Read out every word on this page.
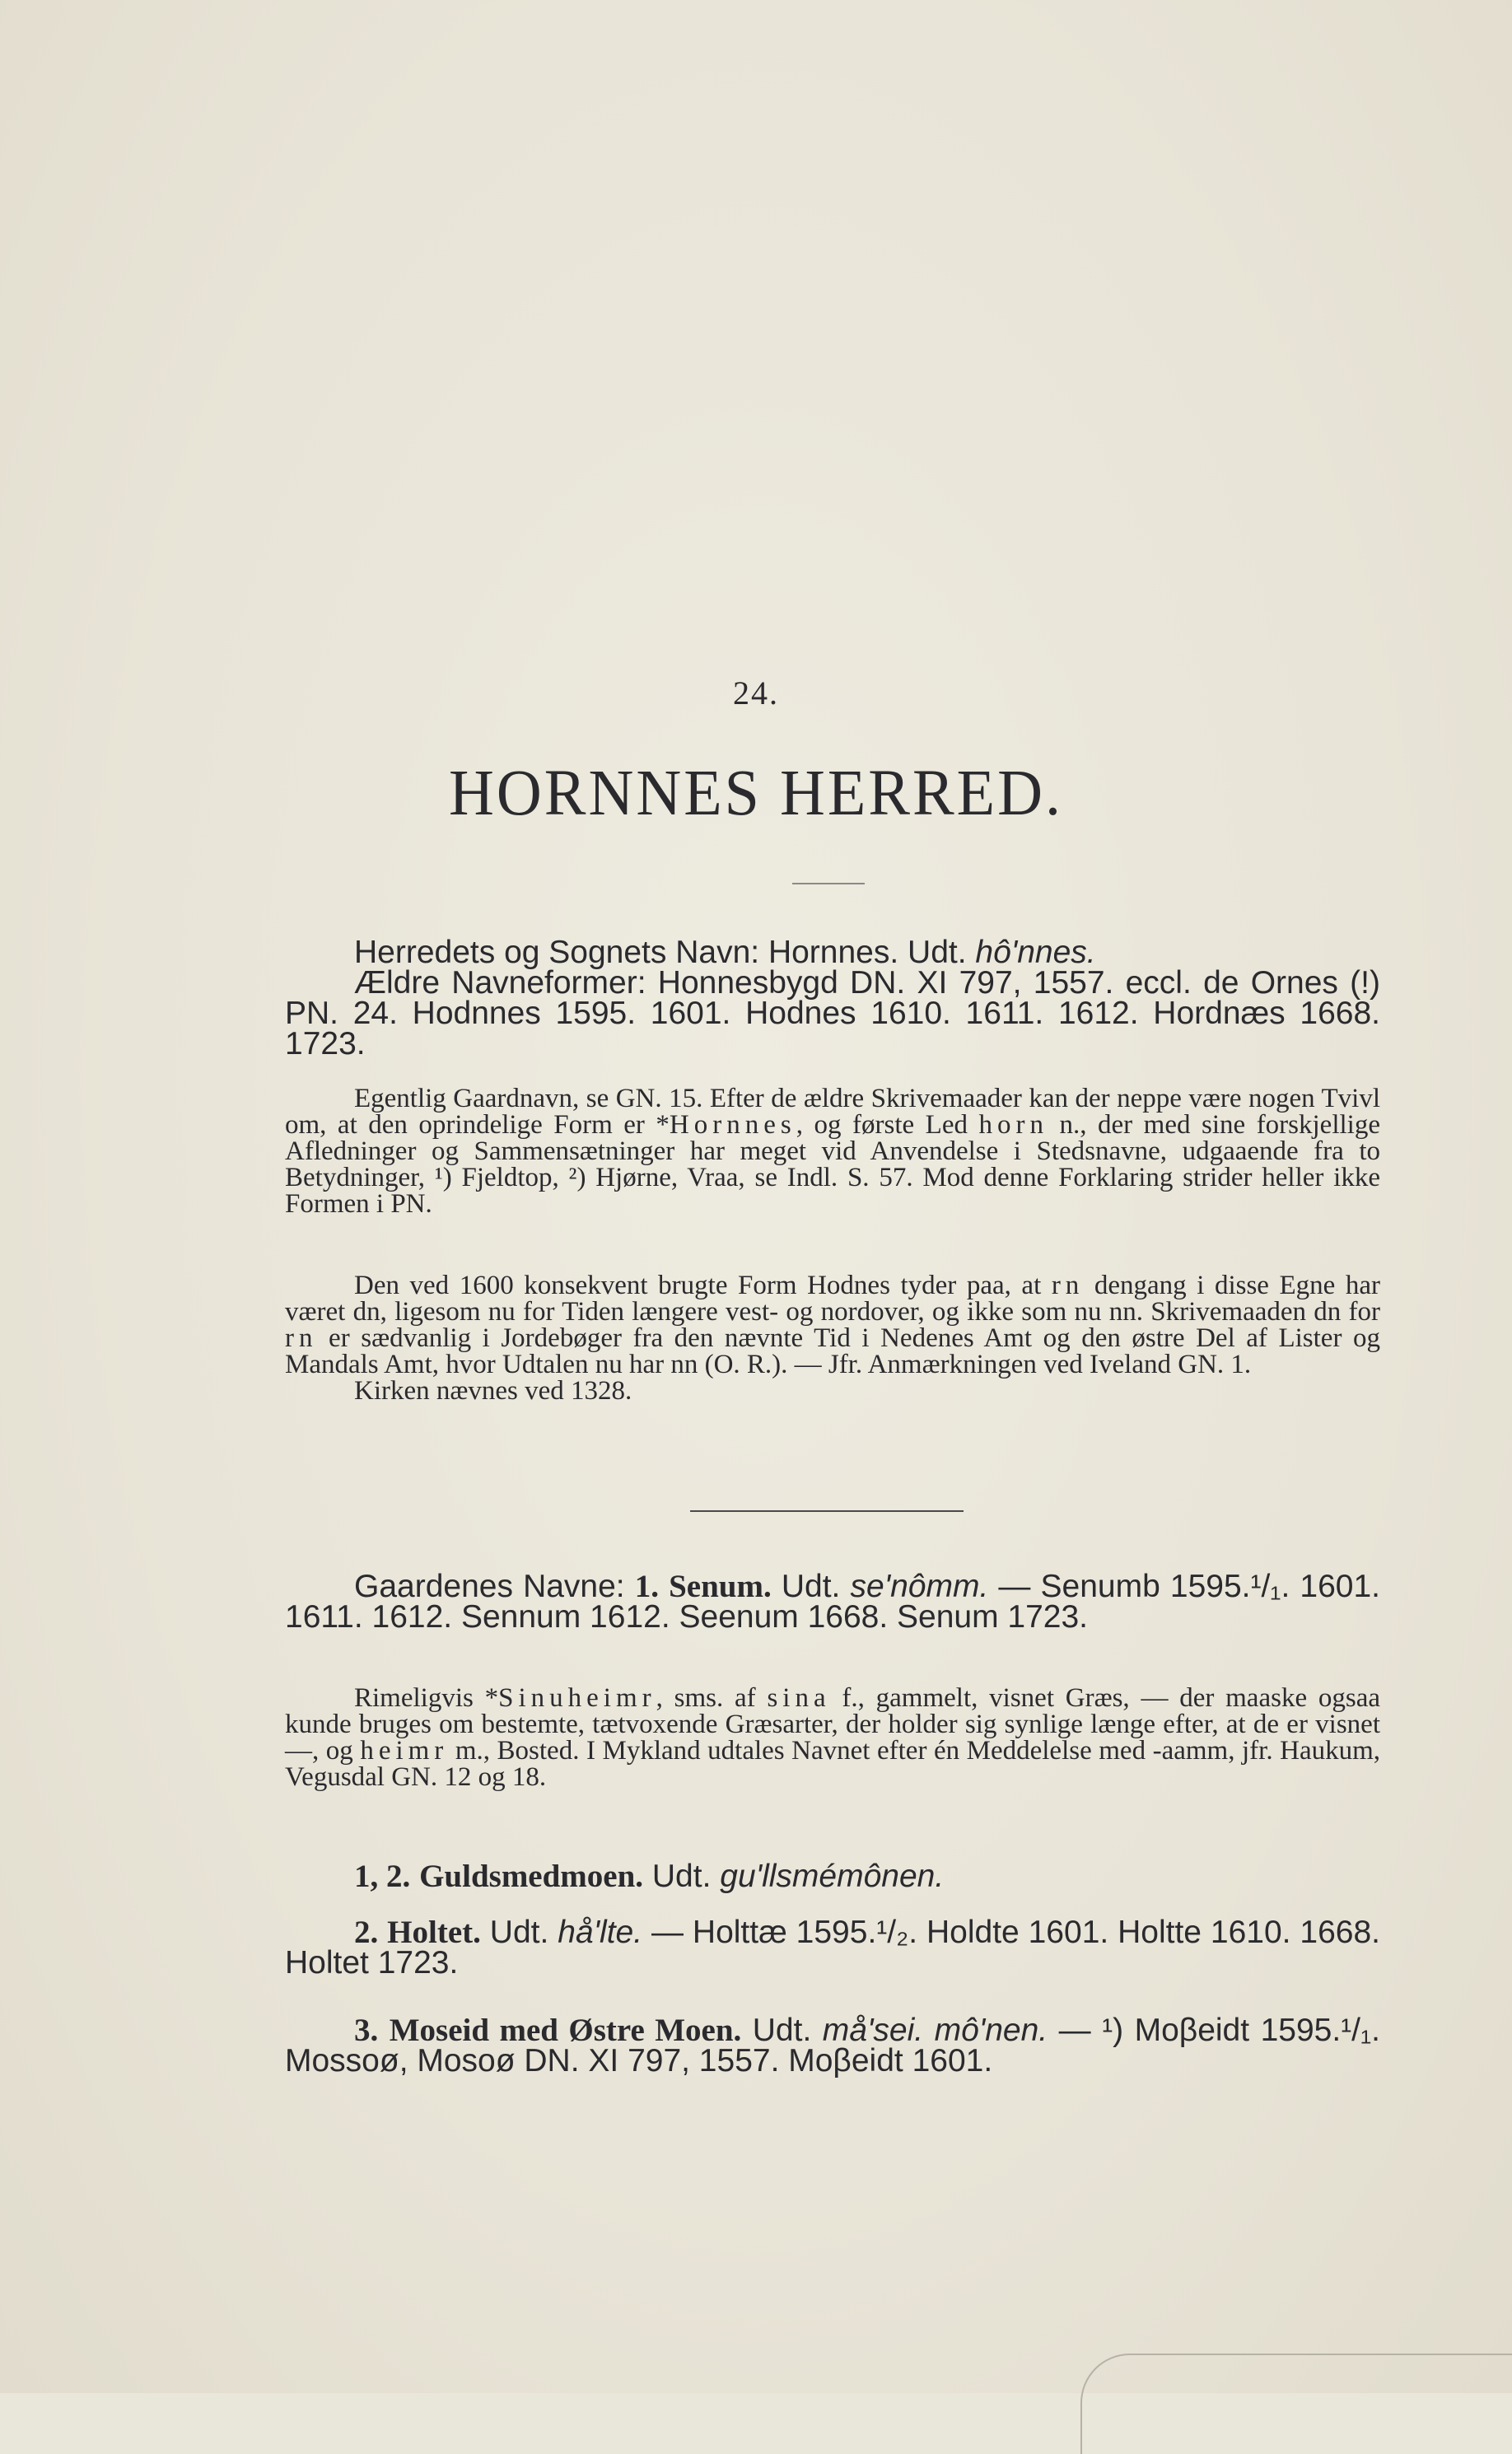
24.
HORNNES HERRED.

Herredets og Sognets Navn: Hornnes. Udt. hô'nnes.

Ældre Navneformer: Honnesbygd DN. XI 797, 1557. eccl. de Ornes (!) PN. 24. Hodnnes 1595. 1601. Hodnes 1610. 1611. 1612. Hordnæs 1668. 1723.

Egentlig Gaardnavn, se GN. 15. Efter de ældre Skrivemaader kan der neppe være nogen Tvivl om, at den oprindelige Form er *Hornnes, og første Led horn n., der med sine forskjellige Afledninger og Sammensætninger har meget vid Anvendelse i Stedsnavne, udgaaende fra to Betydninger, ¹) Fjeldtop, ²) Hjørne, Vraa, se Indl. S. 57. Mod denne Forklaring strider heller ikke Formen i PN.

Den ved 1600 konsekvent brugte Form Hodnes tyder paa, at rn dengang i disse Egne har været dn, ligesom nu for Tiden længere vest- og nordover, og ikke som nu nn. Skrivemaaden dn for rn er sædvanlig i Jordebøger fra den nævnte Tid i Nedenes Amt og den østre Del af Lister og Mandals Amt, hvor Udtalen nu har nn (O. R.). — Jfr. Anmærkningen ved Iveland GN. 1.

Kirken nævnes ved 1328.

Gaardenes Navne: 1. Senum. Udt. se'nômm. — Senumb 1595.¹/₁. 1601. 1611. 1612. Sennum 1612. Seenum 1668. Senum 1723.

Rimeligvis *Sinuheimr, sms. af sina f., gammelt, visnet Græs, — der maaske ogsaa kunde bruges om bestemte, tætvoxende Græsarter, der holder sig synlige længe efter, at de er visnet —, og heimr m., Bosted. I Mykland udtales Navnet efter én Meddelelse med -aamm, jfr. Haukum, Vegusdal GN. 12 og 18.

1, 2. Guldsmedmoen. Udt. gu'llsmémônen.

2. Holtet. Udt. hå'lte. — Holttæ 1595.¹/₂. Holdte 1601. Holtte 1610. 1668. Holtet 1723.

3. Moseid med Østre Moen. Udt. må'sei. mô'nen. — ¹) Moβeidt 1595.¹/₁. Mossoø, Mosoø DN. XI 797, 1557. Moβeidt 1601.
